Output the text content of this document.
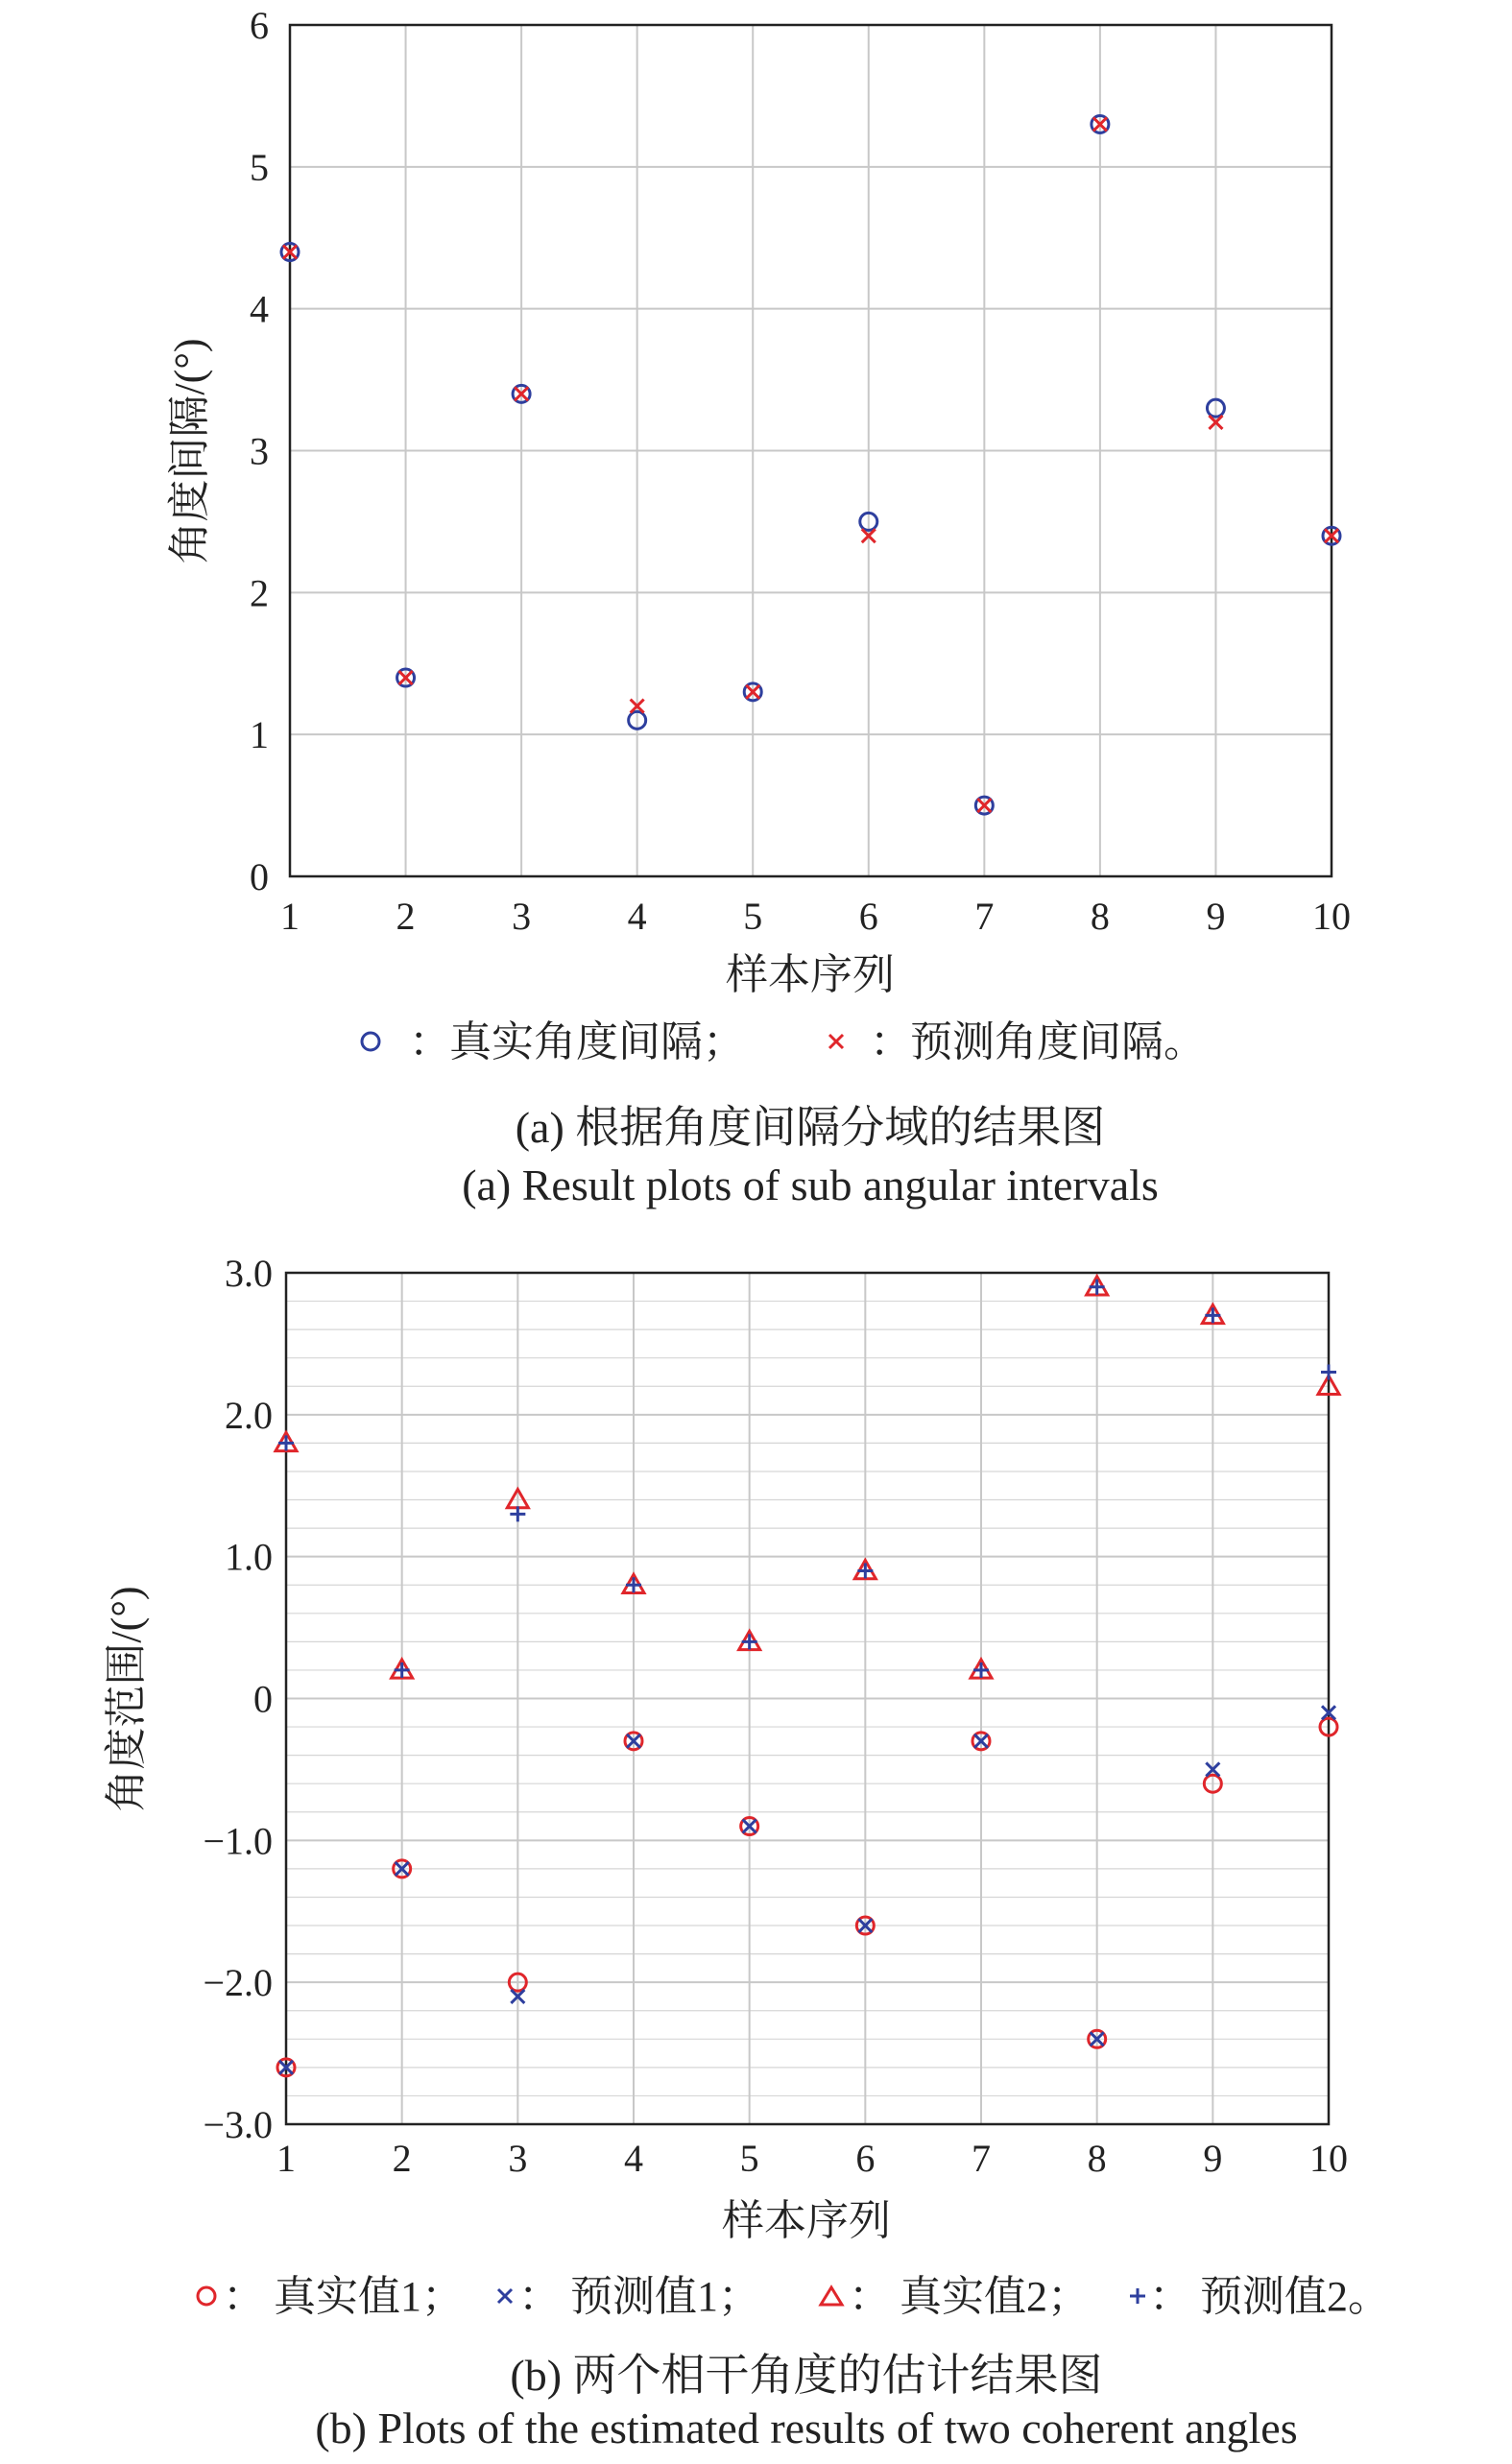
0
1
2
3
4
5
6
1	2	3	4	5	6	7	8	9 10
角度间隔/(°)
样本序列
：
真实角度间隔；	：
预测角度间隔。
(a) 根据角度间隔分域的结果图
(a) Result plots of sub angular intervals
3.0
2.0
1.0
0
−1.0
−2.0
−3.0
1	2	3	4	5	6	7	8	9 10
角度范围/(°)
样本序列
： 真实值1； ： 预测值1； ： 真实值2； ： 预测值2。
(b) 两个相干角度的估计结果图
(b) Plots of the estimated results of two coherent angles
